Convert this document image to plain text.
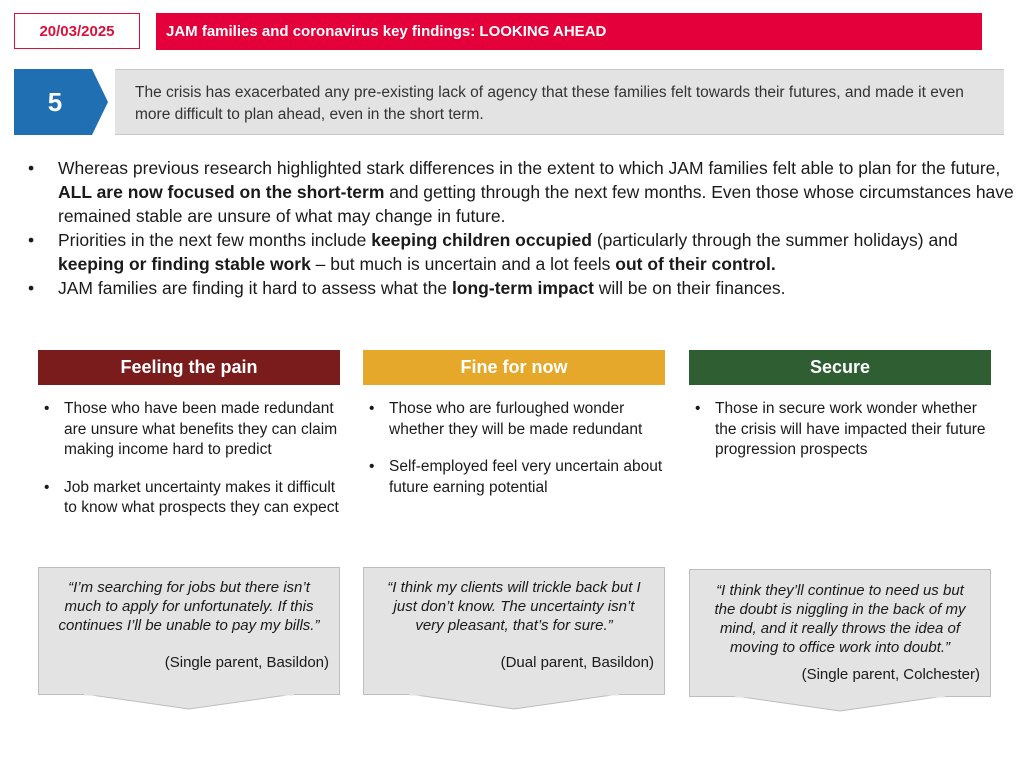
20/03/2025	JAM families and coronavirus key findings: LOOKING AHEAD
5	The crisis has exacerbated any pre-existing lack of agency that these families felt towards their futures, and made it even more difficult to plan ahead, even in the short term.
• Whereas previous research highlighted stark differences in the extent to which JAM families felt able to plan for the future, ALL are now focused on the short-term and getting through the next few months. Even those whose circumstances have remained stable are unsure of what may change in future.
• Priorities in the next few months include keeping children occupied (particularly through the summer holidays) and keeping or finding stable work – but much is uncertain and a lot feels out of their control.
• JAM families are finding it hard to assess what the long-term impact will be on their finances.
Feeling the pain
• Those who have been made redundant are unsure what benefits they can claim making income hard to predict
• Job market uncertainty makes it difficult to know what prospects they can expect
“I’m searching for jobs but there isn’t much to apply for unfortunately. If this continues I’ll be unable to pay my bills.”
(Single parent, Basildon)
Fine for now
• Those who are furloughed wonder whether they will be made redundant
• Self-employed feel very uncertain about future earning potential
“I think my clients will trickle back but I just don’t know. The uncertainty isn’t very pleasant, that’s for sure.”
(Dual parent, Basildon)
Secure
• Those in secure work wonder whether the crisis will have impacted their future progression prospects
“I think they’ll continue to need us but the doubt is niggling in the back of my mind, and it really throws the idea of moving to office work into doubt.”
(Single parent, Colchester)
